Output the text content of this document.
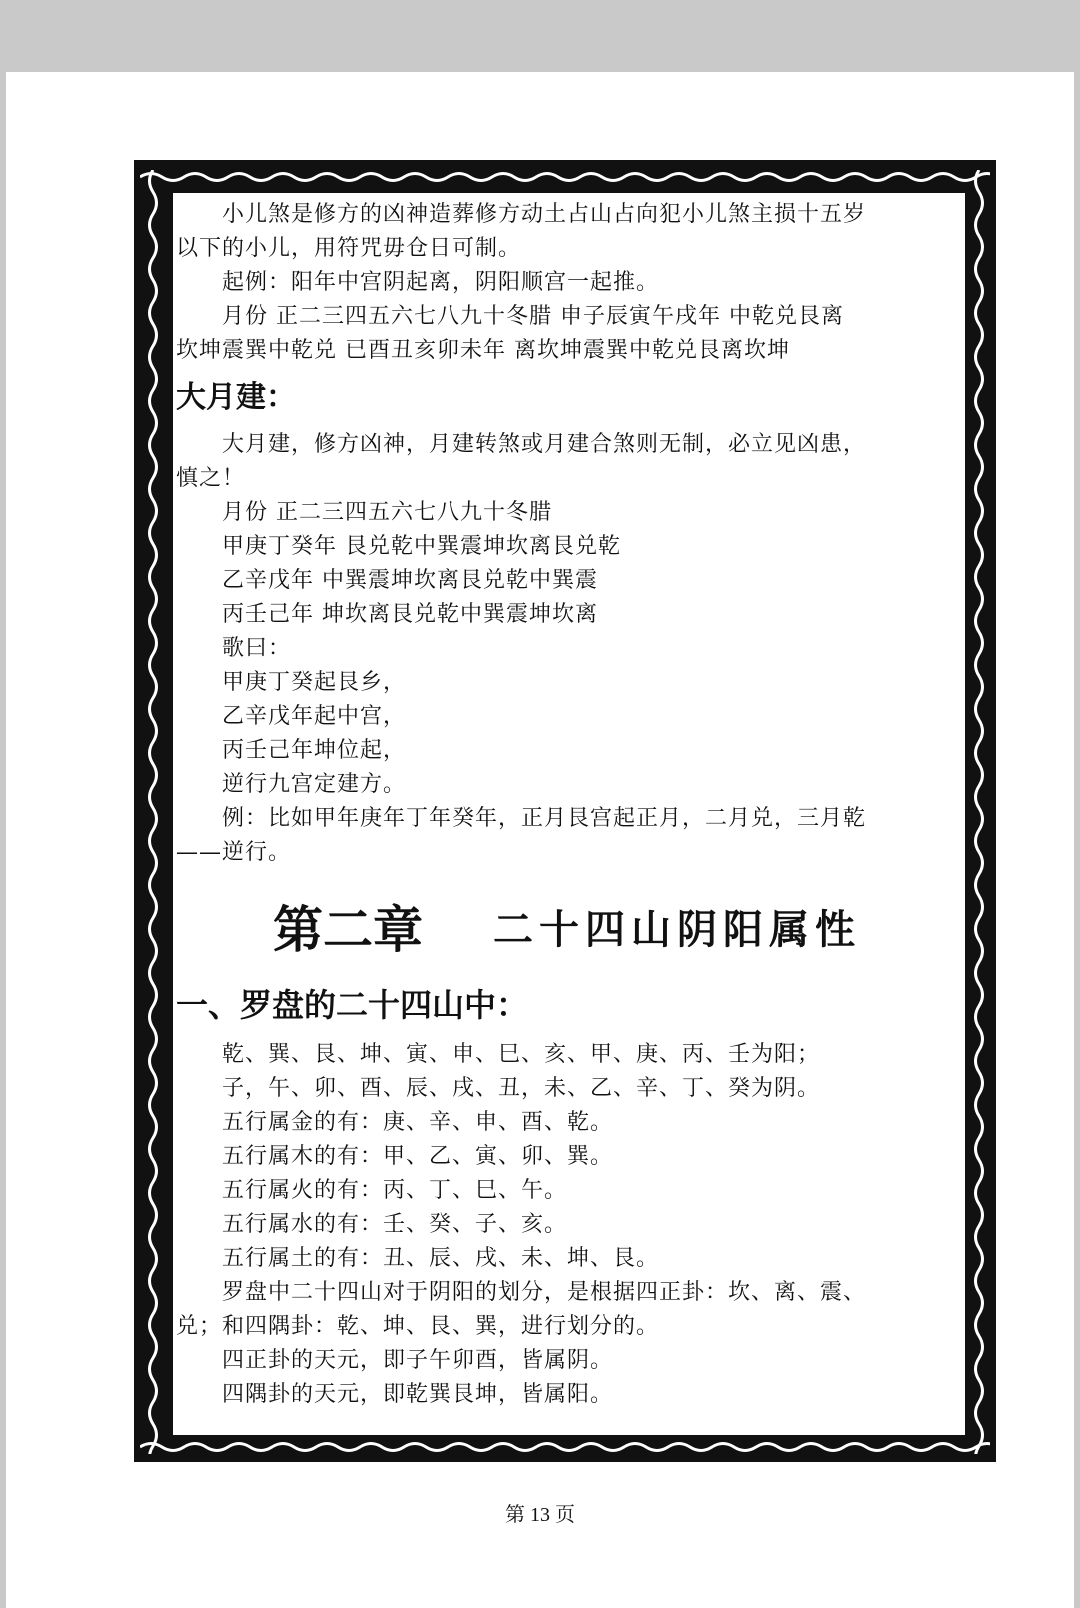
小儿煞是修方的凶神造葬修方动土占山占向犯小儿煞主损十五岁

以下的小儿，用符咒毋仓日可制。

起例：阳年中宫阴起离，阴阳顺宫一起推。

月份 正二三四五六七八九十冬腊 申子辰寅午戌年 中乾兑艮离

坎坤震巽中乾兑 已酉丑亥卯未年 离坎坤震巽中乾兑艮离坎坤

大月建：

大月建，修方凶神，月建转煞或月建合煞则无制，必立见凶患，

慎之！

月份 正二三四五六七八九十冬腊

甲庚丁癸年 艮兑乾中巽震坤坎离艮兑乾

乙辛戊年 中巽震坤坎离艮兑乾中巽震

丙壬己年 坤坎离艮兑乾中巽震坤坎离

歌曰：

甲庚丁癸起艮乡，

乙辛戊年起中宫，

丙壬己年坤位起，

逆行九宫定建方。

例：比如甲年庚年丁年癸年，正月艮宫起正月，二月兑，三月乾

——逆行。

第二章 二十四山阴阳属性
一、罗盘的二十四山中：

乾、巽、艮、坤、寅、申、巳、亥、甲、庚、丙、壬为阳；

子，午、卯、酉、辰、戌、丑，未、乙、辛、丁、癸为阴。

五行属金的有：庚、辛、申、酉、乾。

五行属木的有：甲、乙、寅、卯、巽。

五行属火的有：丙、丁、巳、午。

五行属水的有：壬、癸、子、亥。

五行属土的有：丑、辰、戌、未、坤、艮。

罗盘中二十四山对于阴阳的划分，是根据四正卦：坎、离、震、

兑；和四隅卦：乾、坤、艮、巽，进行划分的。

四正卦的天元，即子午卯酉，皆属阴。

四隅卦的天元，即乾巽艮坤，皆属阳。

第 13 页
